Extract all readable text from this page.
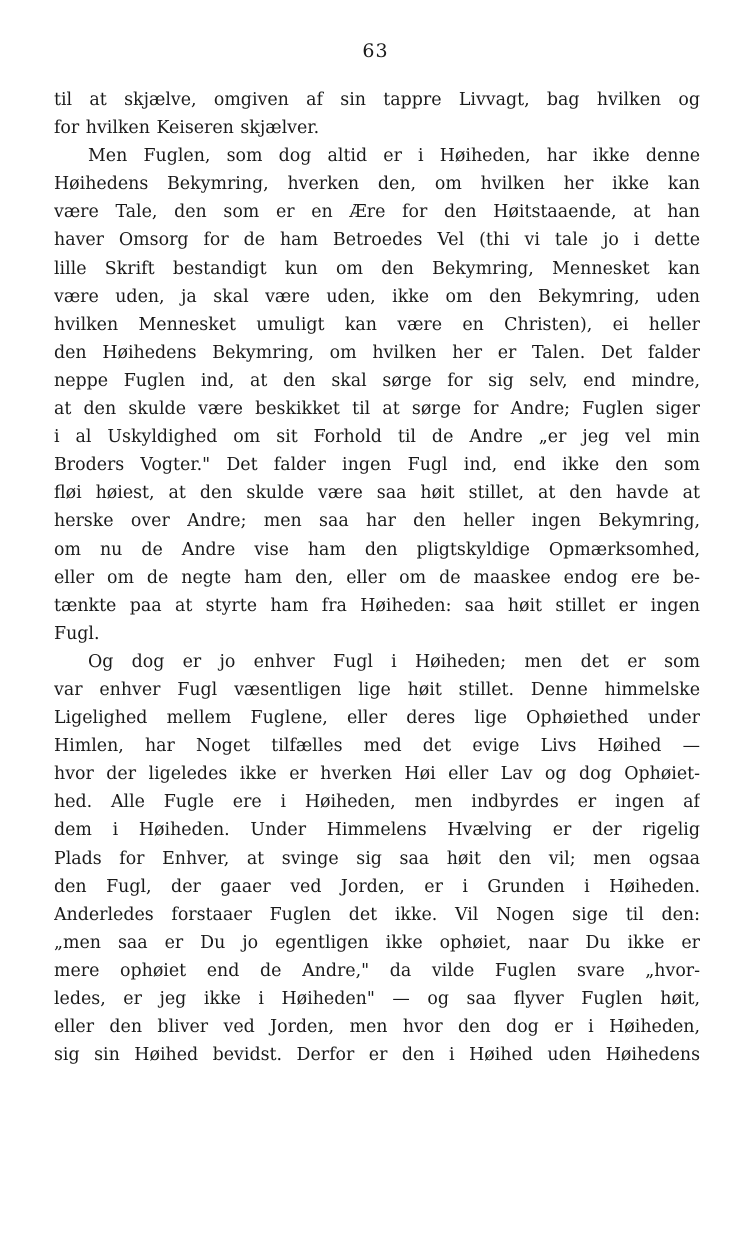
63
til at skjælve, omgiven af sin tappre Livvagt, bag hvilken og
for hvilken Keiseren skjælver.
Men Fuglen, som dog altid er i Høiheden, har ikke denne
Høihedens Bekymring, hverken den, om hvilken her ikke kan
være Tale, den som er en Ære for den Høitstaaende, at han
haver Omsorg for de ham Betroedes Vel (thi vi tale jo i dette
lille Skrift bestandigt kun om den Bekymring, Mennesket kan
være uden, ja skal være uden, ikke om den Bekymring, uden
hvilken Mennesket umuligt kan være en Christen), ei heller
den Høihedens Bekymring, om hvilken her er Talen. Det falder
neppe Fuglen ind, at den skal sørge for sig selv, end mindre,
at den skulde være beskikket til at sørge for Andre; Fuglen siger
i al Uskyldighed om sit Forhold til de Andre „er jeg vel min
Broders Vogter." Det falder ingen Fugl ind, end ikke den som
fløi høiest, at den skulde være saa høit stillet, at den havde at
herske over Andre; men saa har den heller ingen Bekymring,
om nu de Andre vise ham den pligtskyldige Opmærksomhed,
eller om de negte ham den, eller om de maaskee endog ere be-
tænkte paa at styrte ham fra Høiheden: saa høit stillet er ingen
Fugl.
Og dog er jo enhver Fugl i Høiheden; men det er som
var enhver Fugl væsentligen lige høit stillet. Denne himmelske
Ligelighed mellem Fuglene, eller deres lige Ophøiethed under
Himlen, har Noget tilfælles med det evige Livs Høihed —
hvor der ligeledes ikke er hverken Høi eller Lav og dog Ophøiet-
hed. Alle Fugle ere i Høiheden, men indbyrdes er ingen af
dem i Høiheden. Under Himmelens Hvælving er der rigelig
Plads for Enhver, at svinge sig saa høit den vil; men ogsaa
den Fugl, der gaaer ved Jorden, er i Grunden i Høiheden.
Anderledes forstaaer Fuglen det ikke. Vil Nogen sige til den:
„men saa er Du jo egentligen ikke ophøiet, naar Du ikke er
mere ophøiet end de Andre," da vilde Fuglen svare „hvor-
ledes, er jeg ikke i Høiheden" — og saa flyver Fuglen høit,
eller den bliver ved Jorden, men hvor den dog er i Høiheden,
sig sin Høihed bevidst. Derfor er den i Høihed uden Høihedens
